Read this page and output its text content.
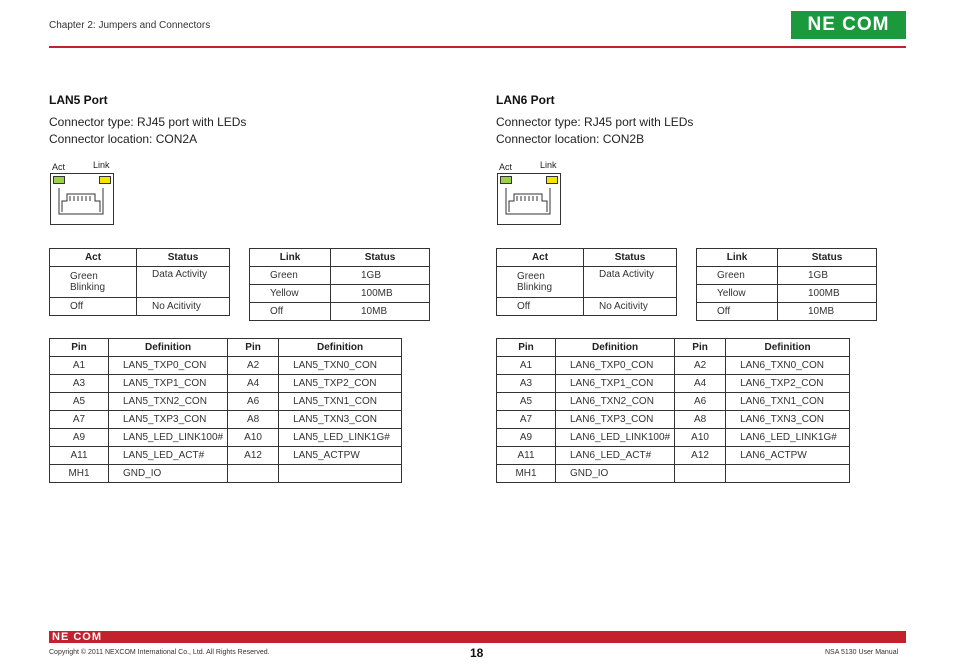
Chapter 2: Jumpers and Connectors	NE COM
LAN5 Port
Connector type: RJ45 port with LEDs
Connector location: CON2A
Act	Link
Act	Status
Green Blinking	Data Activity
Off	No Acitivity
Link	Status
Green	1GB
Yellow	100MB
Off	10MB
Pin	Definition	Pin	Definition
A1	LAN5_TXP0_CON	A2	LAN5_TXN0_CON
A3	LAN5_TXP1_CON	A4	LAN5_TXP2_CON
A5	LAN5_TXN2_CON	A6	LAN5_TXN1_CON
A7	LAN5_TXP3_CON	A8	LAN5_TXN3_CON
A9	LAN5_LED_LINK100#	A10	LAN5_LED_LINK1G#
A11	LAN5_LED_ACT#	A12	LAN5_ACTPW
MH1	GND_IO		
LAN6 Port
Connector type: RJ45 port with LEDs
Connector location: CON2B
Act	Link
Act	Status
Green Blinking	Data Activity
Off	No Acitivity
Link	Status
Green	1GB
Yellow	100MB
Off	10MB
Pin	Definition	Pin	Definition
A1	LAN6_TXP0_CON	A2	LAN6_TXN0_CON
A3	LAN6_TXP1_CON	A4	LAN6_TXP2_CON
A5	LAN6_TXN2_CON	A6	LAN6_TXN1_CON
A7	LAN6_TXP3_CON	A8	LAN6_TXN3_CON
A9	LAN6_LED_LINK100#	A10	LAN6_LED_LINK1G#
A11	LAN6_LED_ACT#	A12	LAN6_ACTPW
MH1	GND_IO		
NE COM
Copyright © 2011 NEXCOM International Co., Ltd. All Rights Reserved.	18	NSA 5130 User Manual
